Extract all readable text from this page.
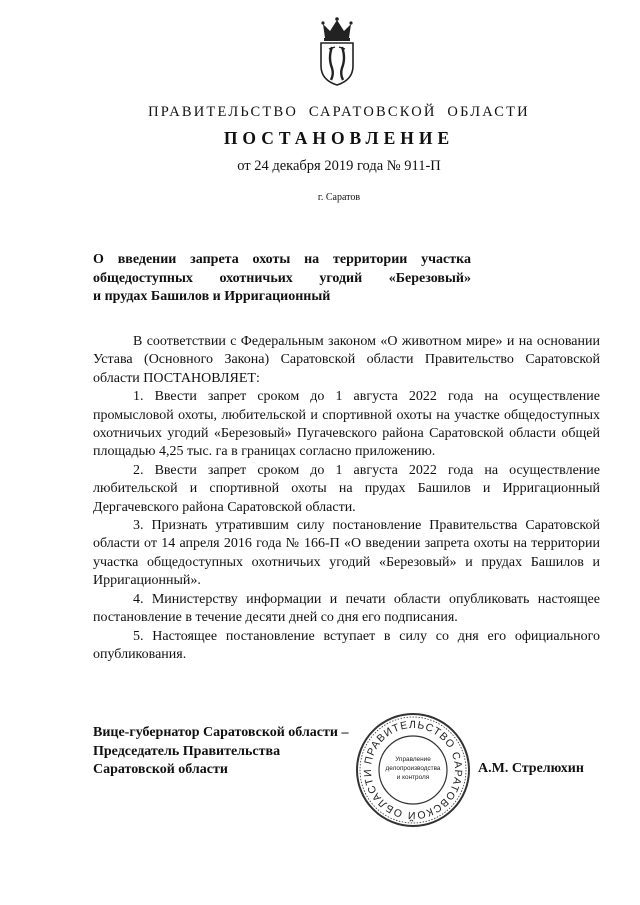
ПРАВИТЕЛЬСТВО САРАТОВСКОЙ ОБЛАСТИ
ПОСТАНОВЛЕНИЕ
от 24 декабря 2019 года № 911-П
г. Саратов
О введении запрета охоты на территории участка
общедоступных охотничьих угодий «Березовый»
и прудах Башилов и Ирригационный

В соответствии с Федеральным законом «О животном мире» и на основании Устава (Основного Закона) Саратовской области Правительство Саратовской области ПОСТАНОВЛЯЕТ:

1. Ввести запрет сроком до 1 августа 2022 года на осуществление промысловой охоты, любительской и спортивной охоты на участке общедоступных охотничьих угодий «Березовый» Пугачевского района Саратовской области общей площадью 4,25 тыс. га в границах согласно приложению.

2. Ввести запрет сроком до 1 августа 2022 года на осуществление любительской и спортивной охоты на прудах Башилов и Ирригационный Дергачевского района Саратовской области.

3. Признать утратившим силу постановление Правительства Саратовской области от 14 апреля 2016 года № 166-П «О введении запрета охоты на территории участка общедоступных охотничьих угодий «Березовый» и прудах Башилов и Ирригационный».

4. Министерству информации и печати области опубликовать настоящее постановление в течение десяти дней со дня его подписания.

5. Настоящее постановление вступает в силу со дня его официального опубликования.

Вице-губернатор Саратовской области –
Председатель Правительства
Саратовской области
ПРАВИТЕЛЬСТВО САРАТОВСКОЙ ОБЛАСТИ
Управление
делопроизводства
и контроля
А.М. Стрелюхин
